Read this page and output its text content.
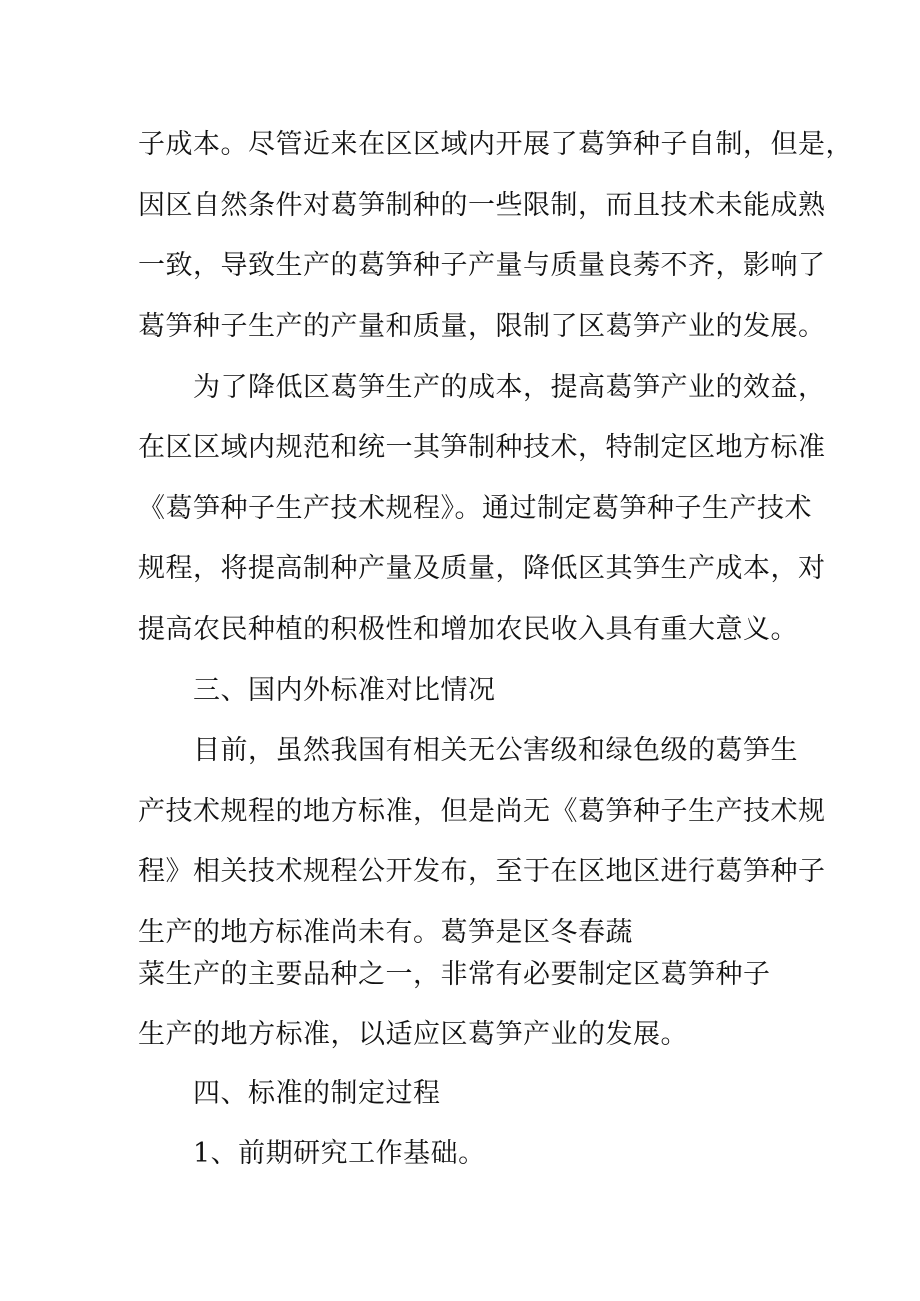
子成本。尽管近来在区区域内开展了葛笋种子自制，但是，
因区自然条件对葛笋制种的一些限制，而且技术未能成熟
一致，导致生产的葛笋种子产量与质量良莠不齐，影响了
葛笋种子生产的产量和质量，限制了区葛笋产业的发展。
为了降低区葛笋生产的成本，提高葛笋产业的效益，
在区区域内规范和统一其笋制种技术，特制定区地方标准
《葛笋种子生产技术规程》。通过制定葛笋种子生产技术
规程，将提高制种产量及质量，降低区其笋生产成本，对
提高农民种植的积极性和增加农民收入具有重大意义。
三、国内外标准对比情况
目前，虽然我国有相关无公害级和绿色级的葛笋生
产技术规程的地方标准，但是尚无《葛笋种子生产技术规
程》相关技术规程公开发布，至于在区地区进行葛笋种子
生产的地方标准尚未有。葛笋是区冬春蔬
菜生产的主要品种之一，非常有必要制定区葛笋种子
生产的地方标准，以适应区葛笋产业的发展。
四、标准的制定过程
1、前期研究工作基础。
